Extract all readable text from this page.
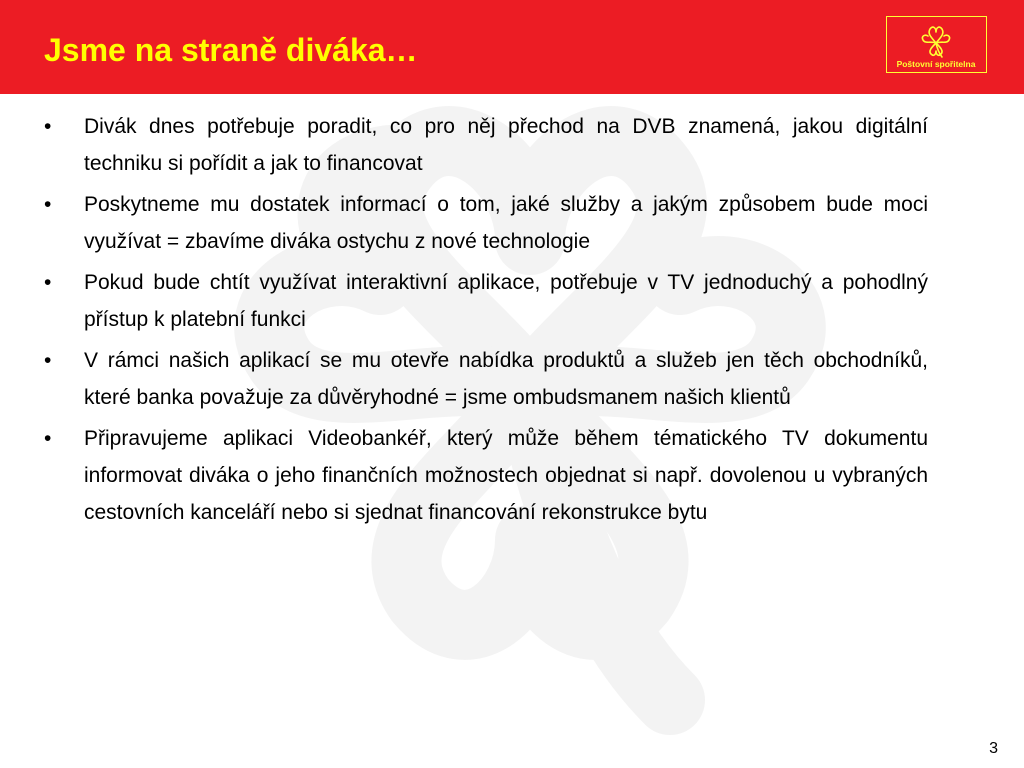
Jsme na straně diváka…	Poštovní spořitelna
•	Divák dnes potřebuje poradit, co pro něj přechod na DVB znamená, jakou digitální techniku si pořídit a jak to financovat
•	Poskytneme mu dostatek informací o tom, jaké služby a jakým způsobem bude moci využívat = zbavíme diváka ostychu z nové technologie
•	Pokud bude chtít využívat interaktivní aplikace, potřebuje v TV jednoduchý a pohodlný přístup k platební funkci
•	V rámci našich aplikací se mu otevře nabídka produktů a služeb jen těch obchodníků, které banka považuje za důvěryhodné = jsme ombudsmanem našich klientů
•	Připravujeme aplikaci Videobankéř, který může během tématického TV dokumentu informovat diváka o jeho finančních možnostech objednat si např. dovolenou u vybraných cestovních kanceláří nebo si sjednat financování rekonstrukce bytu
3
